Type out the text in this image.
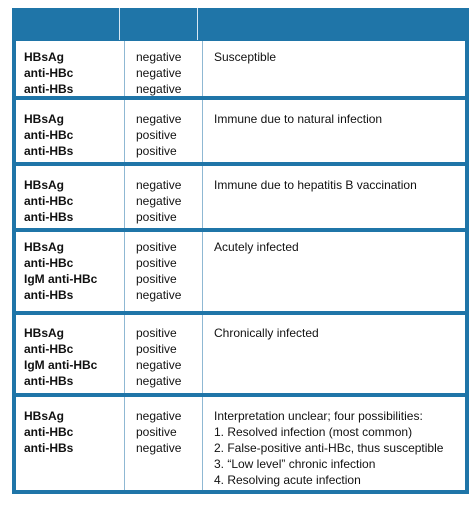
HBsAg
anti-HBc
anti-HBs
negative
negative
negative
Susceptible
HBsAg
anti-HBc
anti-HBs
negative
positive
positive
Immune due to natural infection
HBsAg
anti-HBc
anti-HBs
negative
negative
positive
Immune due to hepatitis B vaccination
HBsAg
anti-HBc
IgM anti-HBc
anti-HBs
positive
positive
positive
negative
Acutely infected
HBsAg
anti-HBc
IgM anti-HBc
anti-HBs
positive
positive
negative
negative
Chronically infected
HBsAg
anti-HBc
anti-HBs
negative
positive
negative
Interpretation unclear; four possibilities:
1. Resolved infection (most common)
2. False-positive anti-HBc, thus susceptible
3. “Low level” chronic infection
4. Resolving acute infection
